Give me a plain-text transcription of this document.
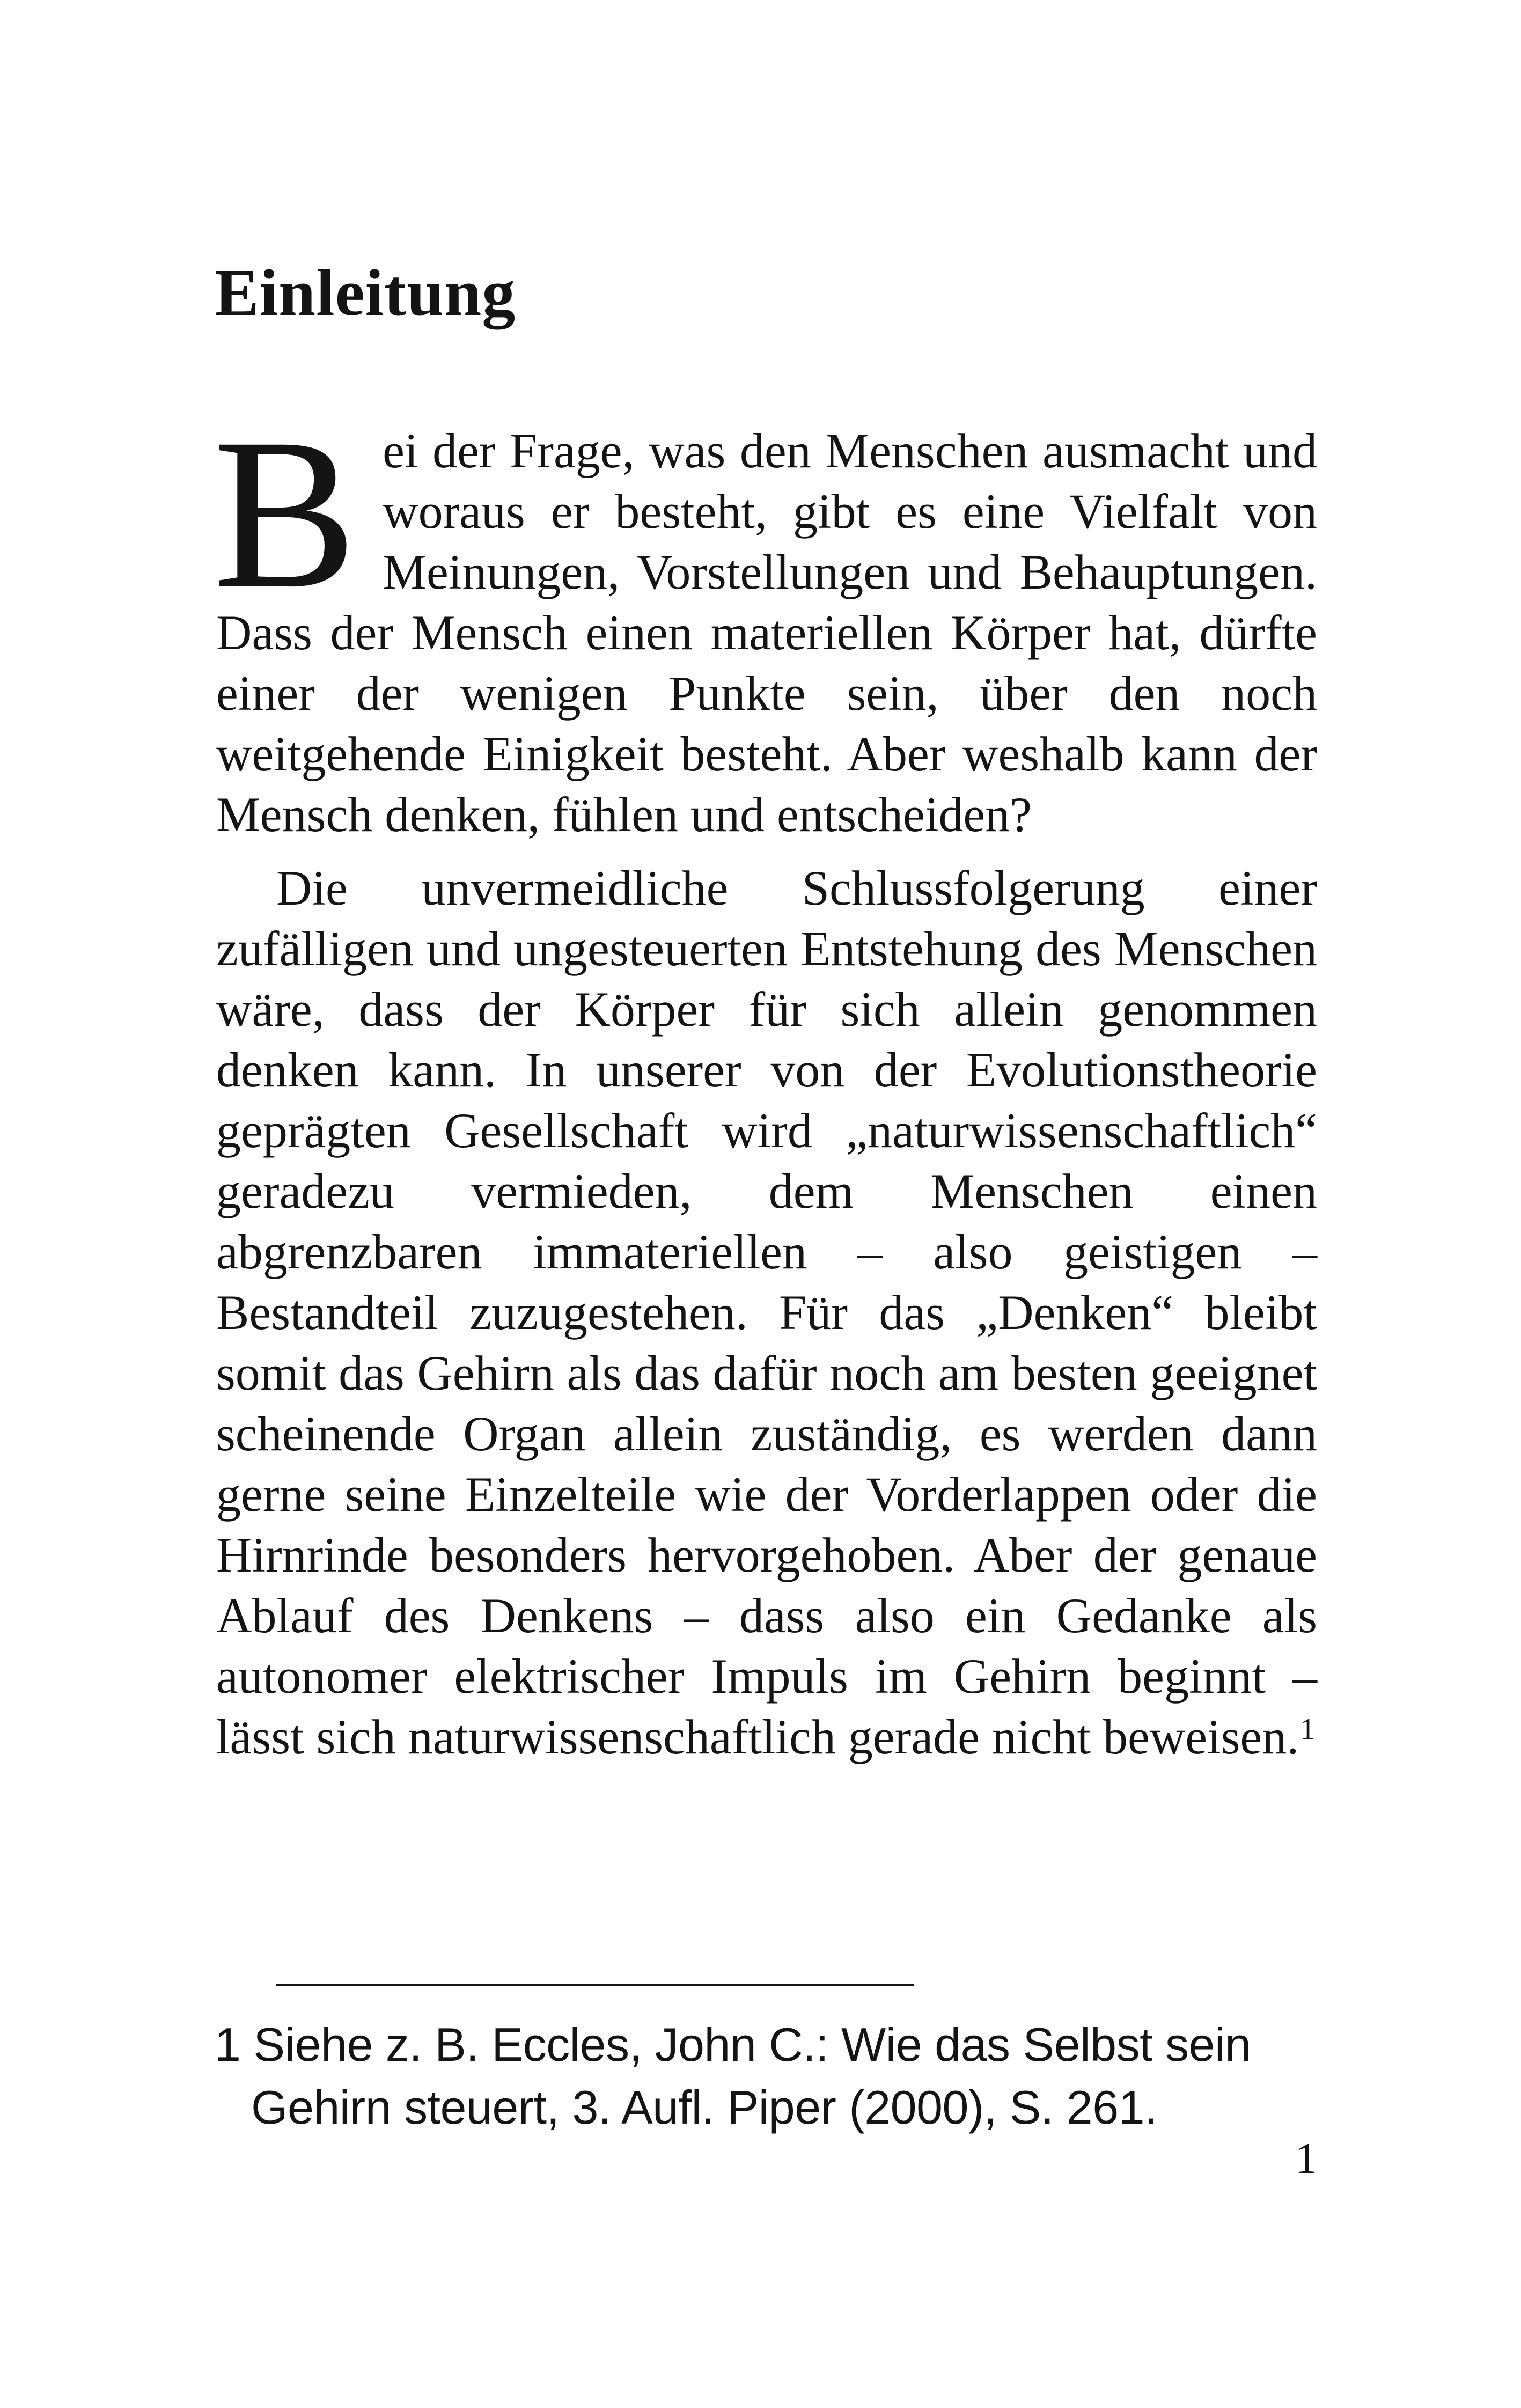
Einleitung

Bei der Frage, was den Menschen ausmacht und woraus er besteht, gibt es eine Vielfalt von Meinungen, Vorstellungen und Behauptungen. Dass der Mensch einen materiellen Körper hat, dürfte einer der wenigen Punkte sein, über den noch weitgehende Einigkeit besteht. Aber weshalb kann der Mensch denken, fühlen und entscheiden?

Die unvermeidliche Schlussfolgerung einer zufälligen und ungesteuerten Entstehung des Menschen wäre, dass der Körper für sich allein genommen denken kann. In unserer von der Evolutionstheorie geprägten Gesellschaft wird „naturwissenschaftlich“ geradezu vermieden, dem Menschen einen abgrenzbaren immateriellen – also geistigen – Bestandteil zuzugestehen. Für das „Denken“ bleibt somit das Gehirn als das dafür noch am besten geeignet scheinende Organ allein zuständig, es werden dann gerne seine Einzelteile wie der Vorderlappen oder die Hirnrinde besonders hervorgehoben. Aber der genaue Ablauf des Denkens – dass also ein Gedanke als autonomer elektrischer Impuls im Gehirn beginnt – lässt sich naturwissenschaftlich gerade nicht beweisen.$^1$

1 Siehe z. B. Eccles, John C.: Wie das Selbst sein
Gehirn steuert, 3. Aufl. Piper (2000), S. 261.
1
